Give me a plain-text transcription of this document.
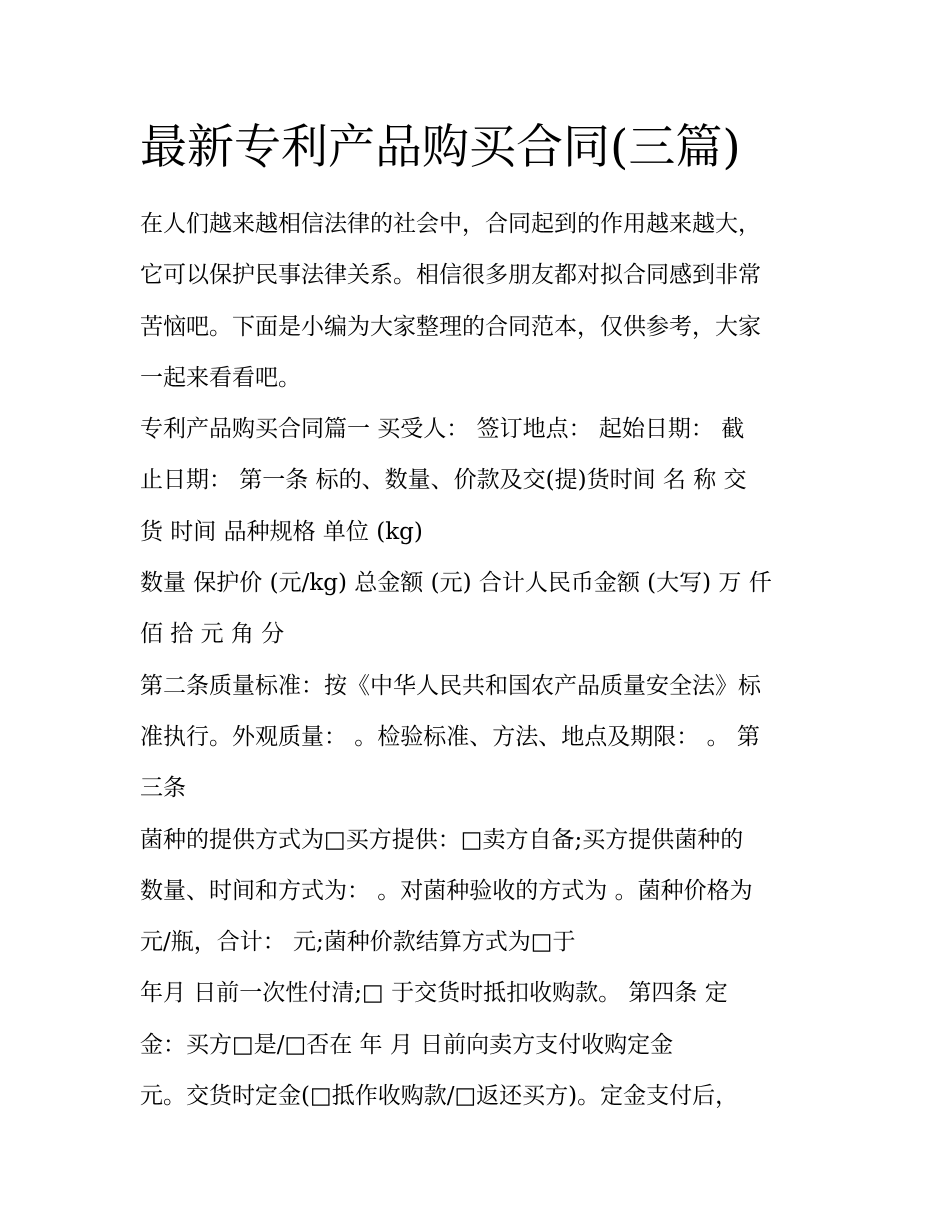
最新专利产品购买合同(三篇)
在人们越来越相信法律的社会中，合同起到的作用越来越大，
它可以保护民事法律关系。相信很多朋友都对拟合同感到非常
苦恼吧。下面是小编为大家整理的合同范本，仅供参考，大家
一起来看看吧。
专利产品购买合同篇一 买受人： 签订地点： 起始日期： 截
止日期： 第一条 标的、数量、价款及交(提)货时间 名 称 交
货 时间 品种规格 单位 (kg)
数量 保护价 (元/kg) 总金额 (元) 合计人民币金额 (大写) 万 仟
佰 拾 元 角 分
第二条质量标准：按《中华人民共和国农产品质量安全法》标
准执行。外观质量： 。检验标准、方法、地点及期限： 。 第
三条
菌种的提供方式为□买方提供：□卖方自备;买方提供菌种的
数量、时间和方式为： 。对菌种验收的方式为 。菌种价格为
元/瓶，合计： 元;菌种价款结算方式为□于
年月 日前一次性付清;□ 于交货时抵扣收购款。 第四条 定
金：买方□是/□否在 年 月 日前向卖方支付收购定金
元。交货时定金(□抵作收购款/□返还买方)。定金支付后，
